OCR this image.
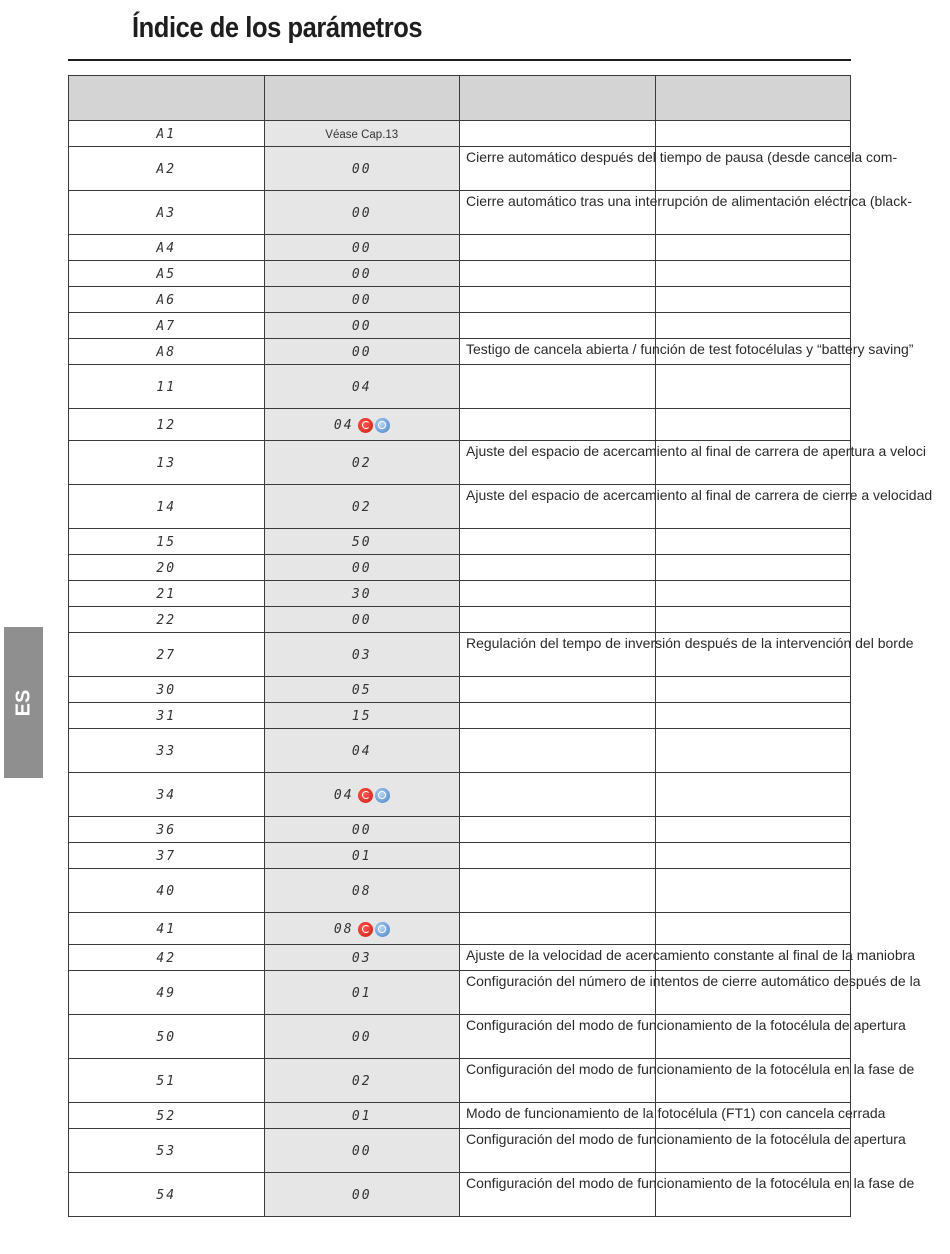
Índice de los parámetros
ES

A1	Véase Cap.13		

A2	00	Cierre automático después del tiempo de pausa (desde cancela com-	
A3	00	Cierre automático tras una interrupción de alimentación eléctrica (black-	
A4	00		

A5	00		

A6	00		

A7	00		

A8	00	Testigo de cancela abierta / función de test fotocélulas y “battery saving”	
11	04		

12	04		

13	02	Ajuste del espacio de acercamiento al final de carrera de apertura a veloci	
14	02	Ajuste del espacio de acercamiento al final de carrera de cierre a velocidad	
15	50		

20	00		

21	30		

22	00		

27	03	Regulación del tempo de inversión después de la intervención del borde	
30	05		

31	15		

33	04		

34	04		

36	00		

37	01		

40	08		

41	08		

42	03	Ajuste de la velocidad de acercamiento constante al final de la maniobra	
49	01	Configuración del número de intentos de cierre automático después de la	
50	00	Configuración del modo de funcionamiento de la fotocélula de apertura	
51	02	Configuración del modo de funcionamiento de la fotocélula en la fase de	
52	01	Modo de funcionamiento de la fotocélula (FT1) con cancela cerrada	
53	00	Configuración del modo de funcionamiento de la fotocélula de apertura	
54	00	Configuración del modo de funcionamiento de la fotocélula en la fase de	
